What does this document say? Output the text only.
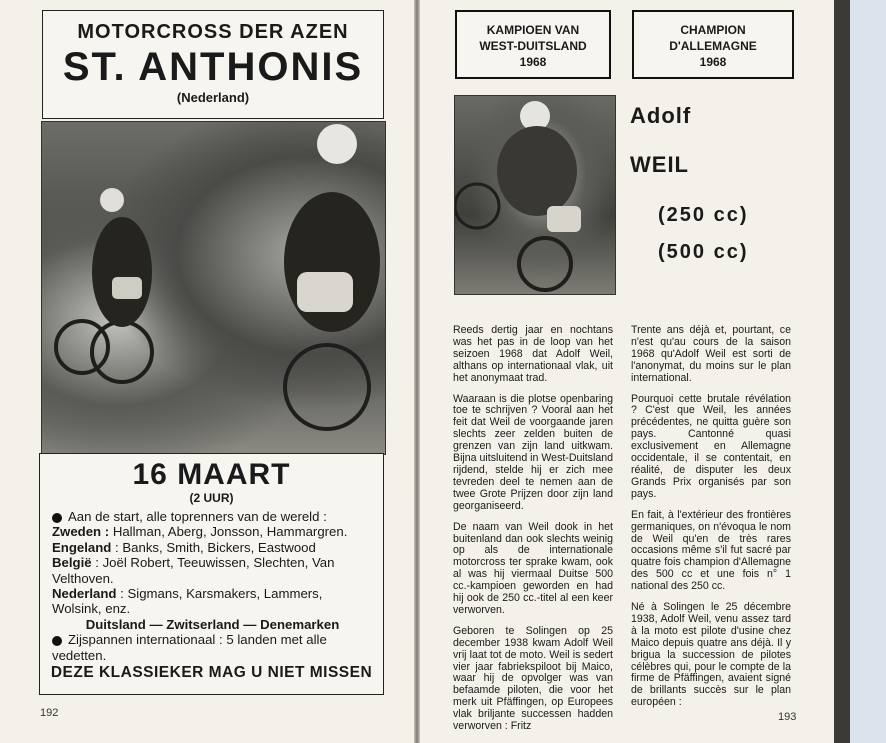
MOTORCROSS DER AZEN
ST. ANTHONIS
(Nederland)
16 MAART
(2 UUR)

Aan de start, alle toprenners van de wereld :

Zweden : Hallman, Aberg, Jonsson, Hammargren.

Engeland : Banks, Smith, Bickers, Eastwood

België : Joël Robert, Teeuwissen, Slechten, Van Velthoven.

Nederland : Sigmans, Karsmakers, Lammers, Wolsink, enz.

Duitsland — Zwitserland — Denemarken

Zijspannen internationaal : 5 landen met alle vedetten.

DEZE KLASSIEKER MAG U NIET MISSEN
192
KAMPIOEN VAN
WEST-DUITSLAND
1968
CHAMPION
D'ALLEMAGNE
1968
Adolf
WEIL
(250 cc)
(500 cc)

Reeds dertig jaar en nochtans was het pas in de loop van het seizoen 1968 dat Adolf Weil, althans op internationaal vlak, uit het anonymaat trad.

Waaraan is die plotse openbaring toe te schrijven ? Vooral aan het feit dat Weil de voorgaande jaren slechts zeer zelden buiten de grenzen van zijn land uitkwam. Bijna uitsluitend in West-Duitsland rijdend, stelde hij er zich mee tevreden deel te nemen aan de twee Grote Prijzen door zijn land georganiseerd.

De naam van Weil dook in het buitenland dan ook slechts weinig op als de internationale motorcross ter sprake kwam, ook al was hij viermaal Duitse 500 cc.-kampioen geworden en had hij ook de 250 cc.-titel al een keer verworven.

Geboren te Solingen op 25 december 1938 kwam Adolf Weil vrij laat tot de moto. Weil is sedert vier jaar fabriekspiloot bij Maico, waar hij de opvolger was van befaamde piloten, die voor het merk uit Pfäffingen, op Europees vlak briljante successen hadden verworven : Fritz

Trente ans déjà et, pourtant, ce n'est qu'au cours de la saison 1968 qu'Adolf Weil est sorti de l'anonymat, du moins sur le plan international.

Pourquoi cette brutale révélation ? C'est que Weil, les années précédentes, ne quitta guère son pays. Cantonné quasi exclusivement en Allemagne occidentale, il se contentait, en réalité, de disputer les deux Grands Prix organisés par son pays.

En fait, à l'extérieur des frontières germaniques, on n'évoqua le nom de Weil qu'en de très rares occasions même s'il fut sacré par quatre fois champion d'Allemagne des 500 cc et une fois n° 1 national des 250 cc.

Né à Solingen le 25 décembre 1938, Adolf Weil, venu assez tard à la moto est pilote d'usine chez Maico depuis quatre ans déjà. Il y brigua la succession de pilotes célèbres qui, pour le compte de la firme de Pfäffingen, avaient signé de brillants succès sur le plan européen :

193
